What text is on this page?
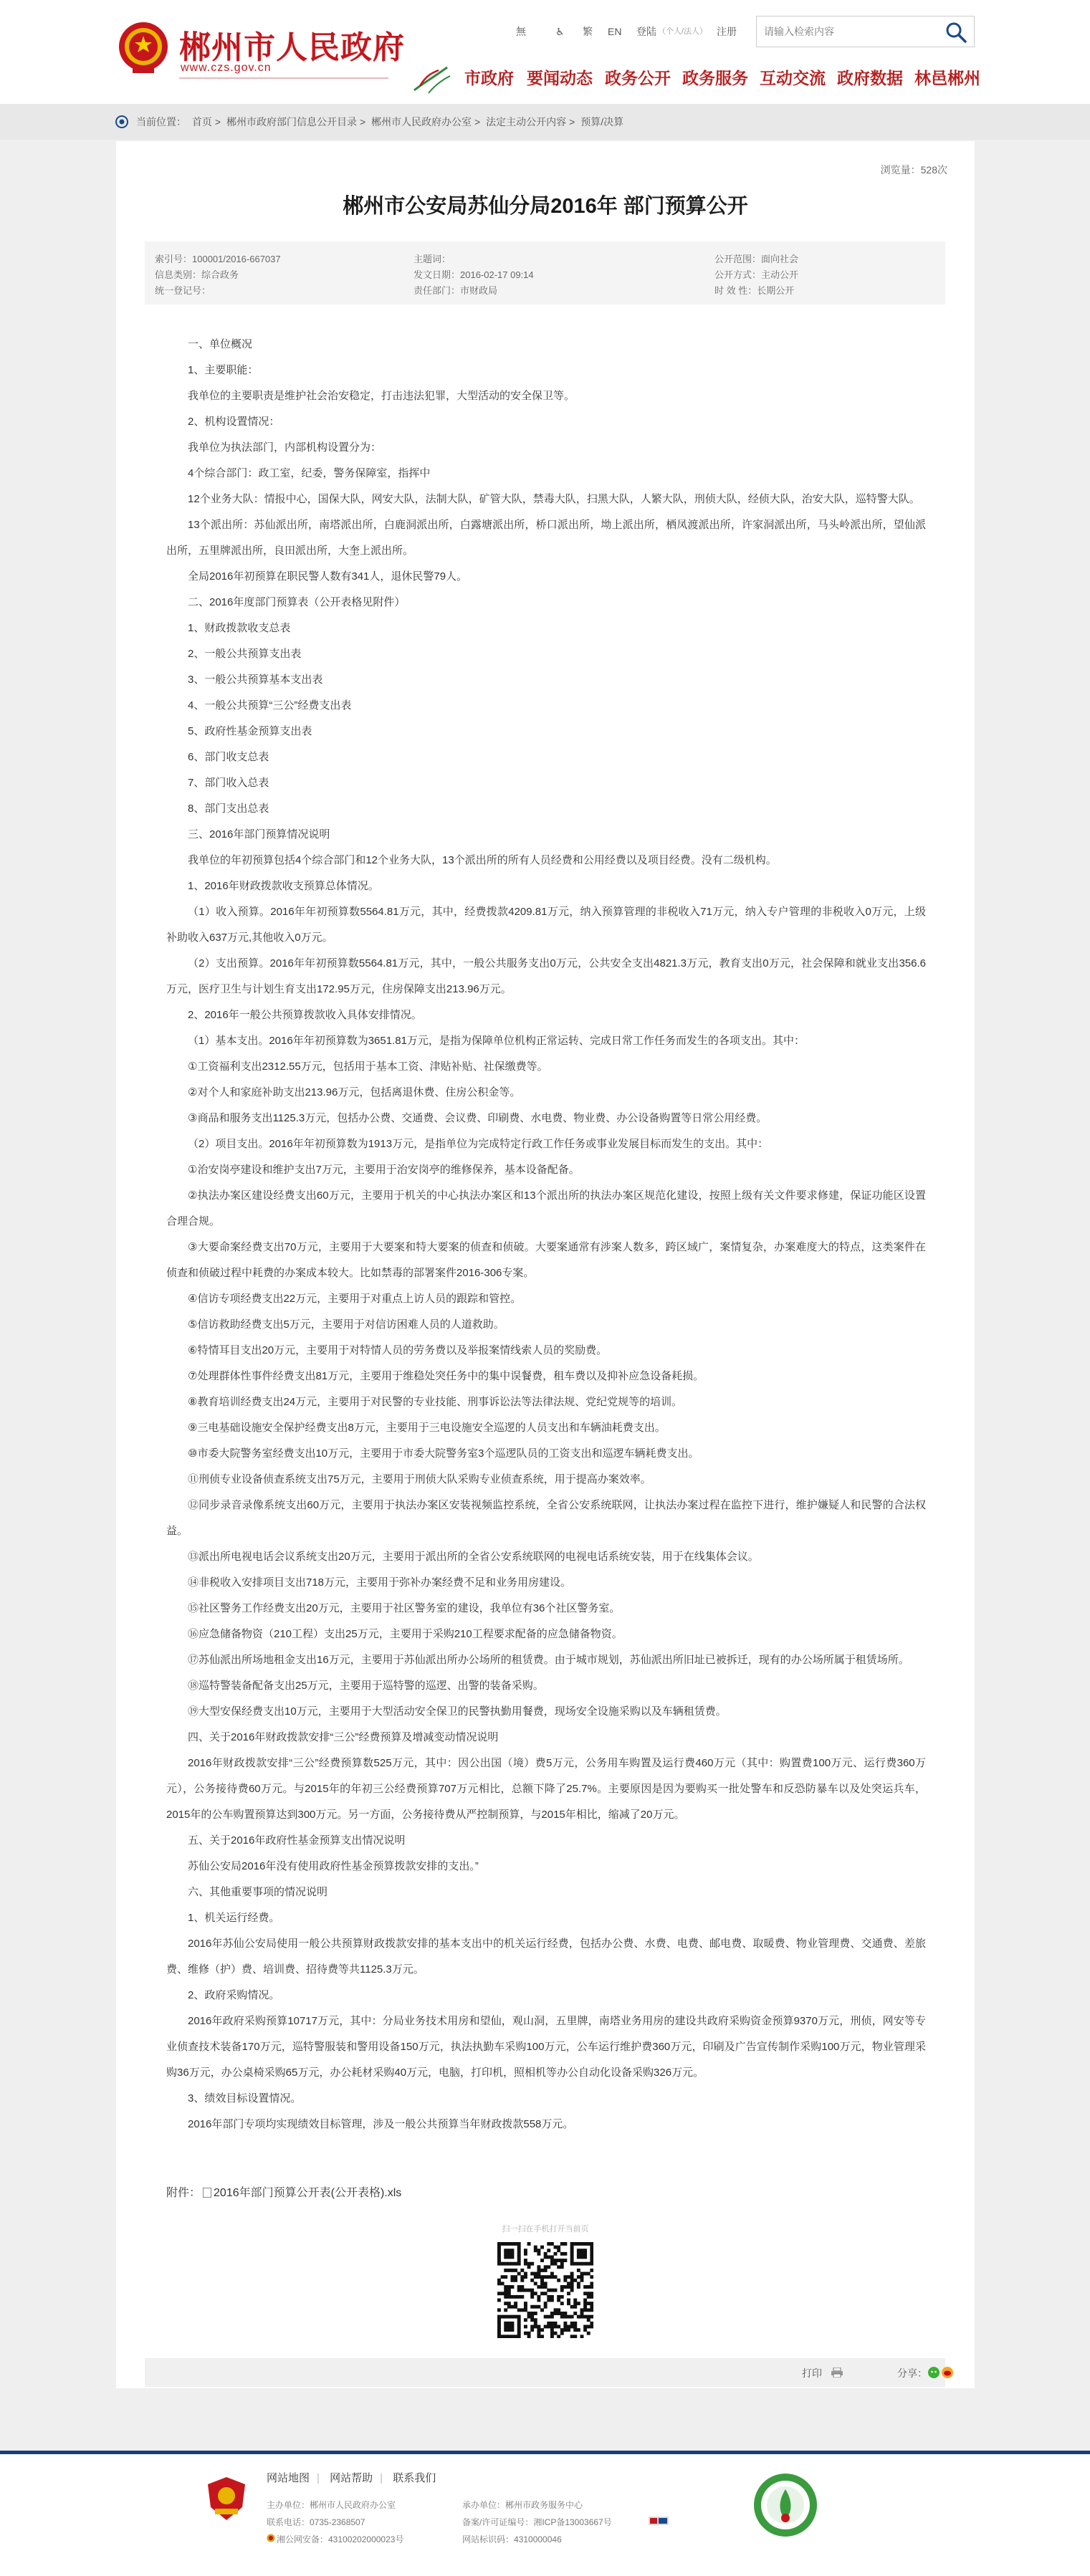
郴州市人民政府
www.czs.gov.cn
無	♿ 繁 EN 登陆 （个人/法人） 注册
请输入检索内容
市政府 要闻动态 政务公开 政务服务 互动交流 政府数据 林邑郴州
当前位置： 首页 > 郴州市政府部门信息公开目录 > 郴州市人民政府办公室 > 法定主动公开内容 > 预算/决算
浏览量：528次
郴州市公安局苏仙分局2016年 部门预算公开
索引号：100001/2016-667037
信息类别：综合政务
统一登记号：
主题词：
发文日期：2016-02-17 09:14
责任部门：市财政局
公开范围：面向社会
公开方式：主动公开
时 效 性：长期公开

一、单位概况

1、主要职能：

我单位的主要职责是维护社会治安稳定，打击违法犯罪，大型活动的安全保卫等。

2、机构设置情况：

我单位为执法部门，内部机构设置分为：

4个综合部门：政工室，纪委，警务保障室，指挥中

12个业务大队：情报中心，国保大队，网安大队，法制大队，矿管大队，禁毒大队，扫黑大队，人繁大队，刑侦大队，经侦大队，治安大队，巡特警大队。

13个派出所：苏仙派出所，南塔派出所，白鹿洞派出所，白露塘派出所，桥口派出所，坳上派出所，栖凤渡派出所，许家洞派出所，马头岭派出所，望仙派出所，五里牌派出所，良田派出所，大奎上派出所。

全局2016年初预算在职民警人数有341人，退休民警79人。

二、2016年度部门预算表（公开表格见附件）

1、财政拨款收支总表

2、一般公共预算支出表

3、一般公共预算基本支出表

4、一般公共预算“三公”经费支出表

5、政府性基金预算支出表

6、部门收支总表

7、部门收入总表

8、部门支出总表

三、2016年部门预算情况说明

我单位的年初预算包括4个综合部门和12个业务大队，13个派出所的所有人员经费和公用经费以及项目经费。没有二级机构。

1、2016年财政拨款收支预算总体情况。

（1）收入预算。2016年年初预算数5564.81万元，其中，经费拨款4209.81万元，纳入预算管理的非税收入71万元，纳入专户管理的非税收入0万元，上级补助收入637万元,其他收入0万元。

（2）支出预算。2016年年初预算数5564.81万元，其中，一般公共服务支出0万元，公共安全支出4821.3万元，教育支出0万元，社会保障和就业支出356.6万元，医疗卫生与计划生育支出172.95万元，住房保障支出213.96万元。

2、2016年一般公共预算拨款收入具体安排情况。

（1）基本支出。2016年年初预算数为3651.81万元，是指为保障单位机构正常运转、完成日常工作任务而发生的各项支出。其中：

①工资福利支出2312.55万元，包括用于基本工资、津贴补贴、社保缴费等。

②对个人和家庭补助支出213.96万元，包括离退休费、住房公积金等。

③商品和服务支出1125.3万元，包括办公费、交通费、会议费、印刷费、水电费、物业费、办公设备购置等日常公用经费。

（2）项目支出。2016年年初预算数为1913万元，是指单位为完成特定行政工作任务或事业发展目标而发生的支出。其中：

①治安岗亭建设和维护支出7万元，主要用于治安岗亭的维修保养，基本设备配备。

②执法办案区建设经费支出60万元，主要用于机关的中心执法办案区和13个派出所的执法办案区规范化建设，按照上级有关文件要求修建，保证功能区设置合理合规。

③大要命案经费支出70万元，主要用于大要案和特大要案的侦查和侦破。大要案通常有涉案人数多，跨区域广，案情复杂，办案难度大的特点，这类案件在侦查和侦破过程中耗费的办案成本较大。比如禁毒的部署案件2016-306专案。

④信访专项经费支出22万元，主要用于对重点上访人员的跟踪和管控。

⑤信访救助经费支出5万元，主要用于对信访困难人员的人道救助。

⑥特情耳目支出20万元，主要用于对特情人员的劳务费以及举报案情线索人员的奖励费。

⑦处理群体性事件经费支出81万元，主要用于维稳处突任务中的集中误餐费，租车费以及抑补应急设备耗损。

⑧教育培训经费支出24万元，主要用于对民警的专业技能、刑事诉讼法等法律法规、党纪党规等的培训。

⑨三电基础设施安全保护经费支出8万元，主要用于三电设施安全巡逻的人员支出和车辆油耗费支出。

⑩市委大院警务室经费支出10万元，主要用于市委大院警务室3个巡逻队员的工资支出和巡逻车辆耗费支出。

⑪刑侦专业设备侦查系统支出75万元，主要用于刑侦大队采购专业侦查系统，用于提高办案效率。

⑫同步录音录像系统支出60万元，主要用于执法办案区安装视频监控系统，全省公安系统联网，让执法办案过程在监控下进行，维护嫌疑人和民警的合法权益。

⑬派出所电视电话会议系统支出20万元，主要用于派出所的全省公安系统联网的电视电话系统安装，用于在线集体会议。

⑭非税收入安排项目支出718万元，主要用于弥补办案经费不足和业务用房建设。

⑮社区警务工作经费支出20万元，主要用于社区警务室的建设，我单位有36个社区警务室。

⑯应急储备物资（210工程）支出25万元，主要用于采购210工程要求配备的应急储备物资。

⑰苏仙派出所场地租金支出16万元，主要用于苏仙派出所办公场所的租赁费。由于城市规划，苏仙派出所旧址已被拆迁，现有的办公场所属于租赁场所。

⑱巡特警装备配备支出25万元，主要用于巡特警的巡逻、出警的装备采购。

⑲大型安保经费支出10万元，主要用于大型活动安全保卫的民警执勤用餐费，现场安全设施采购以及车辆租赁费。

四、关于2016年财政拨款安排“三公”经费预算及增减变动情况说明

2016年财政拨款安排“三公”经费预算数525万元，其中：因公出国（境）费5万元，公务用车购置及运行费460万元（其中：购置费100万元、运行费360万元），公务接待费60万元。与2015年的年初三公经费预算707万元相比，总额下降了25.7%。主要原因是因为要购买一批处警车和反恐防暴车以及处突运兵车，2015年的公车购置预算达到300万元。另一方面，公务接待费从严控制预算，与2015年相比，缩减了20万元。

五、关于2016年政府性基金预算支出情况说明

苏仙公安局2016年没有使用政府性基金预算拨款安排的支出。”

六、其他重要事项的情况说明

1、机关运行经费。

2016年苏仙公安局使用一般公共预算财政拨款安排的基本支出中的机关运行经费，包括办公费、水费、电费、邮电费、取暖费、物业管理费、交通费、差旅费、维修（护）费、培训费、招待费等共1125.3万元。

2、政府采购情况。

2016年政府采购预算10717万元，其中：分局业务技术用房和望仙，观山洞，五里牌，南塔业务用房的建设共政府采购资金预算9370万元，刑侦，网安等专业侦查技术装备170万元，巡特警服装和警用设备150万元，执法执勤车采购100万元，公车运行维护费360万元，印刷及广告宣传制作采购100万元，物业管理采购36万元，办公桌椅采购65万元，办公耗材采购40万元，电脑，打印机，照相机等办公自动化设备采购326万元。

3、绩效目标设置情况。

2016年部门专项均实现绩效目标管理，涉及一般公共预算当年财政拨款558万元。

附件： 2016年部门预算公开表(公开表格).xls
扫一扫在手机打开当前页
打印	分享：
网站地图 | 网站帮助 | 联系我们
主办单位：郴州市人民政府办公室
联系电话：0735-2368507
湘公网安备：43100202000023号
承办单位：郴州市政务服务中心
备案/许可证编号：湘ICP备13003667号
网站标识码：4310000046
